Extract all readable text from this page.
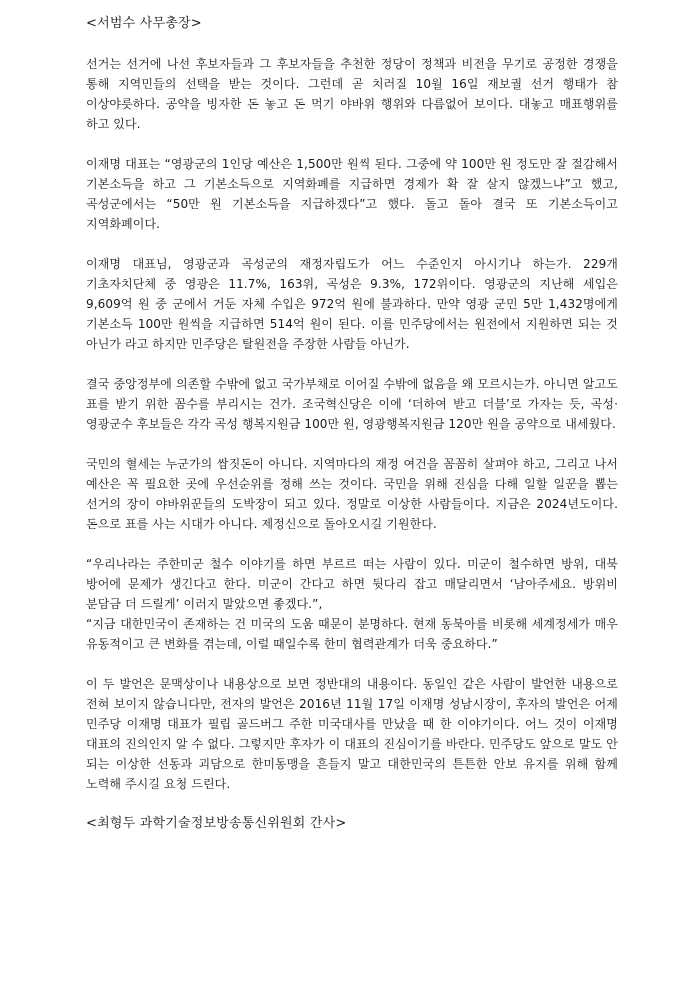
<서범수 사무총장>

선거는 선거에 나선 후보자들과 그 후보자들을 추천한 정당이 정책과 비전을 무기로 공정한 경쟁을 통해 지역민들의 선택을 받는 것이다. 그런데 곧 치러질 10월 16일 재보궐 선거 행태가 참 이상야릇하다. 공약을 빙자한 돈 놓고 돈 먹기 야바위 행위와 다름없어 보이다. 대놓고 매표행위를 하고 있다.

이재명 대표는 “영광군의 1인당 예산은 1,500만 원씩 된다. 그중에 약 100만 원 정도만 잘 절감해서 기본소득을 하고 그 기본소득으로 지역화폐를 지급하면 경제가 확 잘 살지 않겠느냐”고 했고, 곡성군에서는 “50만 원 기본소득을 지급하겠다”고 했다. 돌고 돌아 결국 또 기본소득이고 지역화폐이다.

이재명 대표님, 영광군과 곡성군의 재정자립도가 어느 수준인지 아시기나 하는가. 229개 기초자치단체 중 영광은 11.7%, 163위, 곡성은 9.3%, 172위이다. 영광군의 지난해 세입은 9,609억 원 중 군에서 거둔 자체 수입은 972억 원에 불과하다. 만약 영광 군민 5만 1,432명에게 기본소득 100만 원씩을 지급하면 514억 원이 된다. 이를 민주당에서는 원전에서 지원하면 되는 것 아닌가 라고 하지만 민주당은 탈원전을 주장한 사람들 아닌가.

결국 중앙정부에 의존할 수밖에 없고 국가부채로 이어질 수밖에 없음을 왜 모르시는가. 아니면 알고도 표를 받기 위한 꼼수를 부리시는 건가. 조국혁신당은 이에 ‘더하여 받고 더블’로 가자는 듯, 곡성·영광군수 후보들은 각각 곡성 행복지원금 100만 원, 영광행복지원금 120만 원을 공약으로 내세웠다.

국민의 혈세는 누군가의 쌈짓돈이 아니다. 지역마다의 재정 여건을 꼼꼼히 살펴야 하고, 그리고 나서 예산은 꼭 필요한 곳에 우선순위를 정해 쓰는 것이다. 국민을 위해 진심을 다해 일할 일꾼을 뽑는 선거의 장이 야바위꾼들의 도박장이 되고 있다. 정말로 이상한 사람들이다. 지금은 2024년도이다. 돈으로 표를 사는 시대가 아니다. 제정신으로 돌아오시길 기원한다.

“우리나라는 주한미군 철수 이야기를 하면 부르르 떠는 사람이 있다. 미군이 철수하면 방위, 대북 방어에 문제가 생긴다고 한다. 미군이 간다고 하면 뒷다리 잡고 매달리면서 ‘남아주세요. 방위비 분담금 더 드릴게’ 이러지 말았으면 좋겠다.”,

“지금 대한민국이 존재하는 건 미국의 도움 때문이 분명하다. 현재 동북아를 비롯해 세계정세가 매우 유동적이고 큰 변화를 겪는데, 이럴 때일수록 한미 협력관계가 더욱 중요하다.”

이 두 발언은 문맥상이나 내용상으로 보면 정반대의 내용이다. 동일인 같은 사람이 발언한 내용으로 전혀 보이지 않습니다만, 전자의 발언은 2016년 11월 17일 이재명 성남시장이, 후자의 발언은 어제 민주당 이재명 대표가 필립 골드버그 주한 미국대사를 만났을 때 한 이야기이다. 어느 것이 이재명 대표의 진의인지 알 수 없다. 그렇지만 후자가 이 대표의 진심이기를 바란다. 민주당도 앞으로 말도 안 되는 이상한 선동과 괴담으로 한미동맹을 흔들지 말고 대한민국의 튼튼한 안보 유지를 위해 함께 노력해 주시길 요청 드린다.

<최형두 과학기술정보방송통신위원회 간사>
